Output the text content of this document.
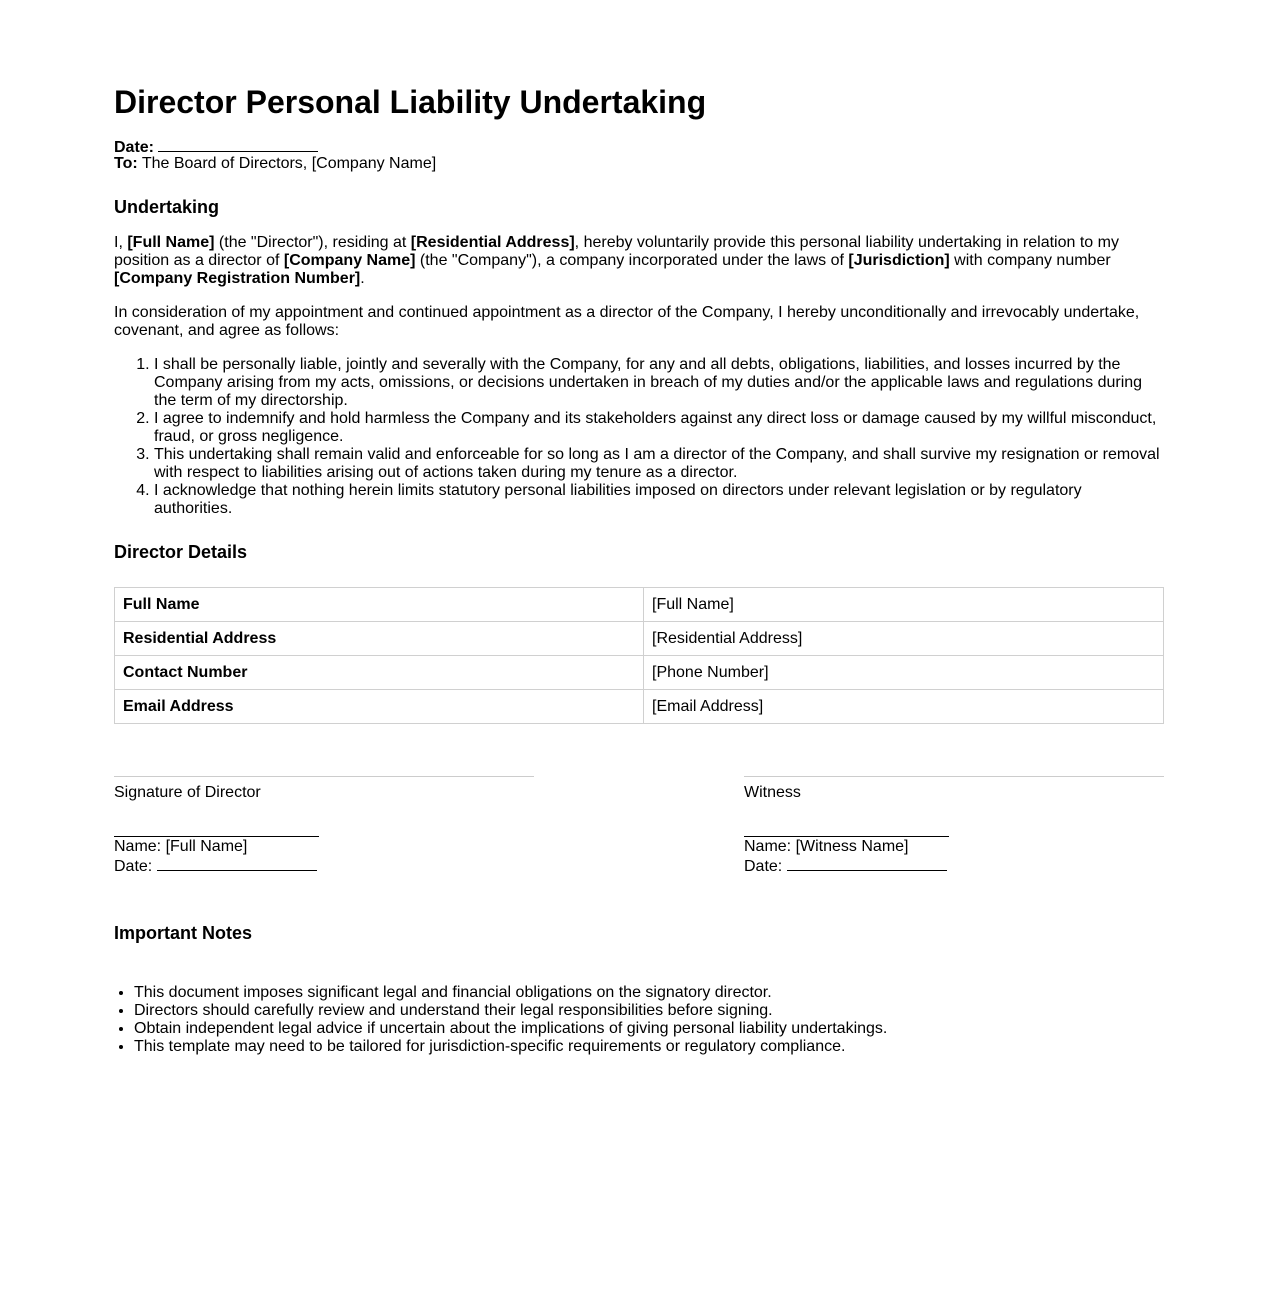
Director Personal Liability Undertaking
Date:
To: The Board of Directors, [Company Name]
Undertaking

I, [Full Name] (the "Director"), residing at [Residential Address], hereby voluntarily provide this personal liability undertaking in relation to my position as a director of [Company Name] (the "Company"), a company incorporated under the laws of [Jurisdiction] with company number [Company Registration Number].

In consideration of my appointment and continued appointment as a director of the Company, I hereby unconditionally and irrevocably undertake, covenant, and agree as follows:

1. I shall be personally liable, jointly and severally with the Company, for any and all debts, obligations, liabilities, and losses incurred by the Company arising from my acts, omissions, or decisions undertaken in breach of my duties and/or the applicable laws and regulations during the term of my directorship.
2. I agree to indemnify and hold harmless the Company and its stakeholders against any direct loss or damage caused by my willful misconduct, fraud, or gross negligence.
3. This undertaking shall remain valid and enforceable for so long as I am a director of the Company, and shall survive my resignation or removal with respect to liabilities arising out of actions taken during my tenure as a director.
4. I acknowledge that nothing herein limits statutory personal liabilities imposed on directors under relevant legislation or by regulatory authorities.
Director Details
Full Name	[Full Name]
Residential Address	[Residential Address]
Contact Number	[Phone Number]
Email Address	[Email Address]
Signature of Director
Name: [Full Name]
Date:
Witness
Name: [Witness Name]
Date:
Important Notes
• This document imposes significant legal and financial obligations on the signatory director.
• Directors should carefully review and understand their legal responsibilities before signing.
• Obtain independent legal advice if uncertain about the implications of giving personal liability undertakings.
• This template may need to be tailored for jurisdiction-specific requirements or regulatory compliance.
